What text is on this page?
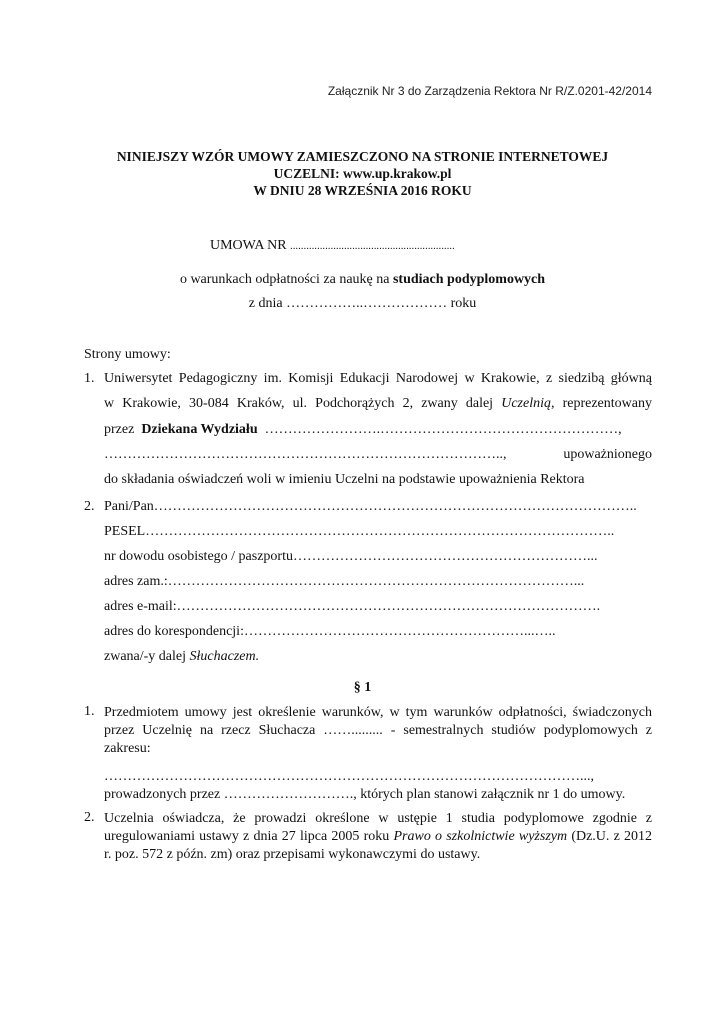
Załącznik Nr 3 do Zarządzenia Rektora Nr R/Z.0201-42/2014
NINIEJSZY WZÓR UMOWY ZAMIESZCZONO NA STRONIE INTERNETOWEJ
UCZELNI: www.up.krakow.pl
W DNIU 28 WRZEŚNIA 2016 ROKU
UMOWA NR .............................................................
o warunkach odpłatności za naukę na studiach podyplomowych
z dnia ……………..……………… roku
Strony umowy:
1. Uniwersytet Pedagogiczny im. Komisji Edukacji Narodowej w Krakowie, z siedzibą główną
w Krakowie, 30-084 Kraków, ul. Podchorążych 2, zwany dalej Uczelnią, reprezentowany
przez Dziekana Wydziału …………………….……………………………………………,
…………………………………………………………………………..,	upoważnionego
do składania oświadczeń woli w imieniu Uczelni na podstawie upoważnienia Rektora
2. Pani/Pan…………………………………………………………………………………………..
PESEL………………………………………………………………………………………..
nr dowodu osobistego / paszportu………………………………………………………...
adres zam.:……………………………………………………………………………...
adres e-mail:……………………………………………………………………………….
adres do korespondencji:……………………………………………………...…..
zwana/-y dalej Słuchaczem.
§ 1
1. Przedmiotem umowy jest określenie warunków, w tym warunków odpłatności, świadczonych przez Uczelnię na rzecz Słuchacza ……......... - semestralnych studiów podyplomowych z zakresu:
…………………………………………………………………………………………...,
prowadzonych przez ………………………., których plan stanowi załącznik nr 1 do umowy.
2. Uczelnia oświadcza, że prowadzi określone w ustępie 1 studia podyplomowe zgodnie z uregulowaniami ustawy z dnia 27 lipca 2005 roku Prawo o szkolnictwie wyższym (Dz.U. z 2012 r. poz. 572 z późn. zm) oraz przepisami wykonawczymi do ustawy.
